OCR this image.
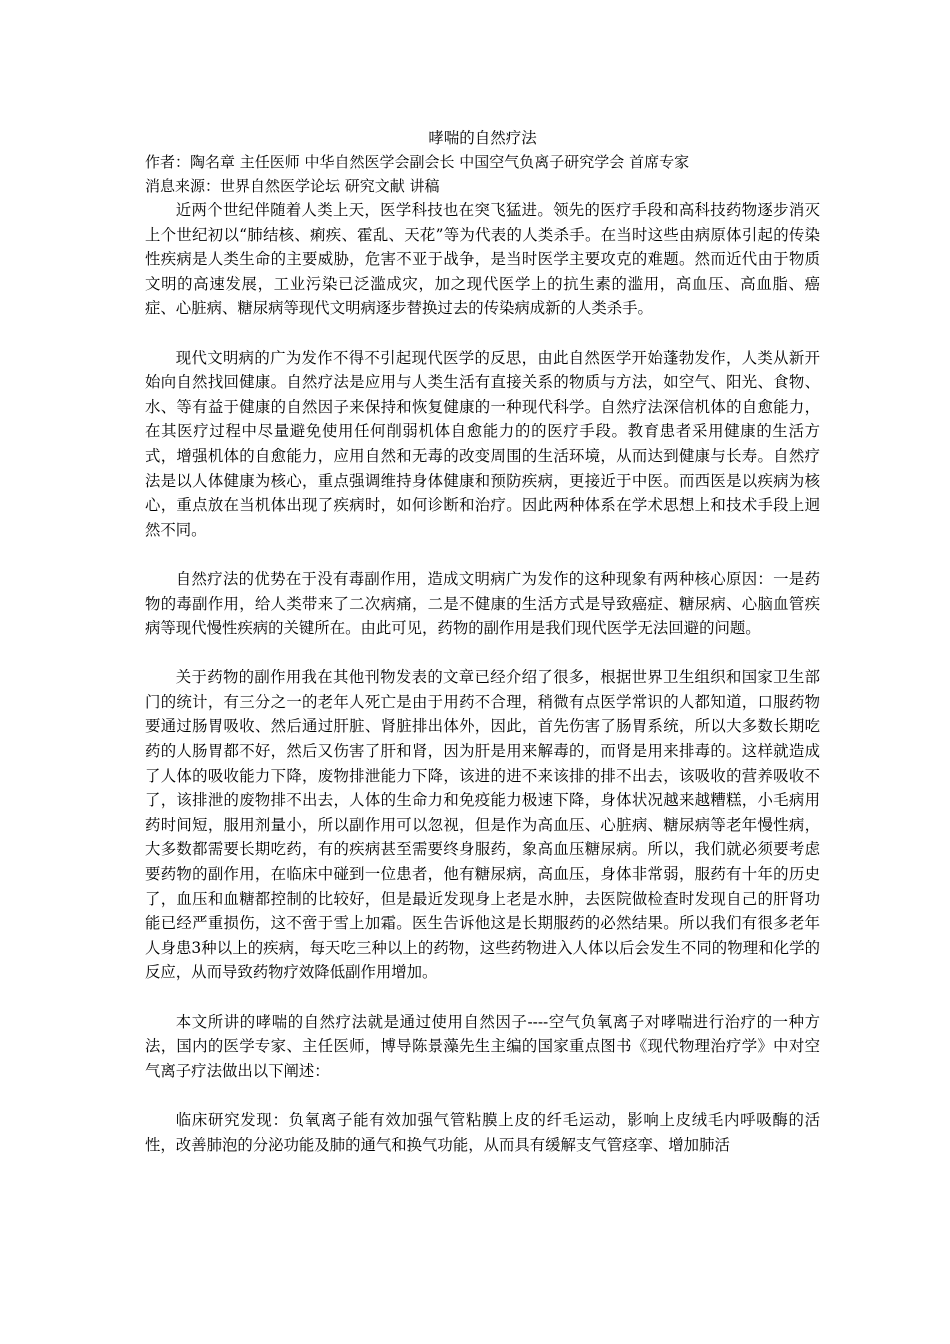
哮喘的自然疗法

作者：陶名章 主任医师 中华自然医学会副会长 中国空气负离子研究学会 首席专家

消息来源：世界自然医学论坛 研究文献 讲稿

近两个世纪伴随着人类上天，医学科技也在突飞猛进。领先的医疗手段和高科技药物逐步消灭上个世纪初以“肺结核、痢疾、霍乱、天花”等为代表的人类杀手。在当时这些由病原体引起的传染性疾病是人类生命的主要威胁，危害不亚于战争，是当时医学主要攻克的难题。然而近代由于物质文明的高速发展，工业污染已泛滥成灾，加之现代医学上的抗生素的滥用，高血压、高血脂、癌症、心脏病、糖尿病等现代文明病逐步替换过去的传染病成新的人类杀手。

现代文明病的广为发作不得不引起现代医学的反思，由此自然医学开始蓬勃发作，人类从新开始向自然找回健康。自然疗法是应用与人类生活有直接关系的物质与方法，如空气、阳光、食物、水、等有益于健康的自然因子来保持和恢复健康的一种现代科学。自然疗法深信机体的自愈能力，在其医疗过程中尽量避免使用任何削弱机体自愈能力的的医疗手段。教育患者采用健康的生活方式，增强机体的自愈能力，应用自然和无毒的改变周围的生活环境，从而达到健康与长寿。自然疗法是以人体健康为核心，重点强调维持身体健康和预防疾病，更接近于中医。而西医是以疾病为核心，重点放在当机体出现了疾病时，如何诊断和治疗。因此两种体系在学术思想上和技术手段上迥然不同。

自然疗法的优势在于没有毒副作用，造成文明病广为发作的这种现象有两种核心原因：一是药物的毒副作用，给人类带来了二次病痛，二是不健康的生活方式是导致癌症、糖尿病、心脑血管疾病等现代慢性疾病的关键所在。由此可见，药物的副作用是我们现代医学无法回避的问题。

关于药物的副作用我在其他刊物发表的文章已经介绍了很多，根据世界卫生组织和国家卫生部门的统计，有三分之一的老年人死亡是由于用药不合理，稍微有点医学常识的人都知道，口服药物要通过肠胃吸收、然后通过肝脏、肾脏排出体外，因此，首先伤害了肠胃系统，所以大多数长期吃药的人肠胃都不好，然后又伤害了肝和肾，因为肝是用来解毒的，而肾是用来排毒的。这样就造成了人体的吸收能力下降，废物排泄能力下降，该进的进不来该排的排不出去，该吸收的营养吸收不了，该排泄的废物排不出去，人体的生命力和免疫能力极速下降，身体状况越来越糟糕，小毛病用药时间短，服用剂量小，所以副作用可以忽视，但是作为高血压、心脏病、糖尿病等老年慢性病，大多数都需要长期吃药，有的疾病甚至需要终身服药，象高血压糖尿病。所以，我们就必须要考虑要药物的副作用，在临床中碰到一位患者，他有糖尿病，高血压，身体非常弱，服药有十年的历史了，血压和血糖都控制的比较好，但是最近发现身上老是水肿，去医院做检查时发现自己的肝肾功能已经严重损伤，这不啻于雪上加霜。医生告诉他这是长期服药的必然结果。所以我们有很多老年人身患3种以上的疾病，每天吃三种以上的药物，这些药物进入人体以后会发生不同的物理和化学的反应，从而导致药物疗效降低副作用增加。

本文所讲的哮喘的自然疗法就是通过使用自然因子----空气负氧离子对哮喘进行治疗的一种方法，国内的医学专家、主任医师，博导陈景藻先生主编的国家重点图书《现代物理治疗学》中对空气离子疗法做出以下阐述：

临床研究发现：负氧离子能有效加强气管粘膜上皮的纤毛运动，影响上皮绒毛内呼吸酶的活性，改善肺泡的分泌功能及肺的通气和换气功能，从而具有缓解支气管痉挛、增加肺活
